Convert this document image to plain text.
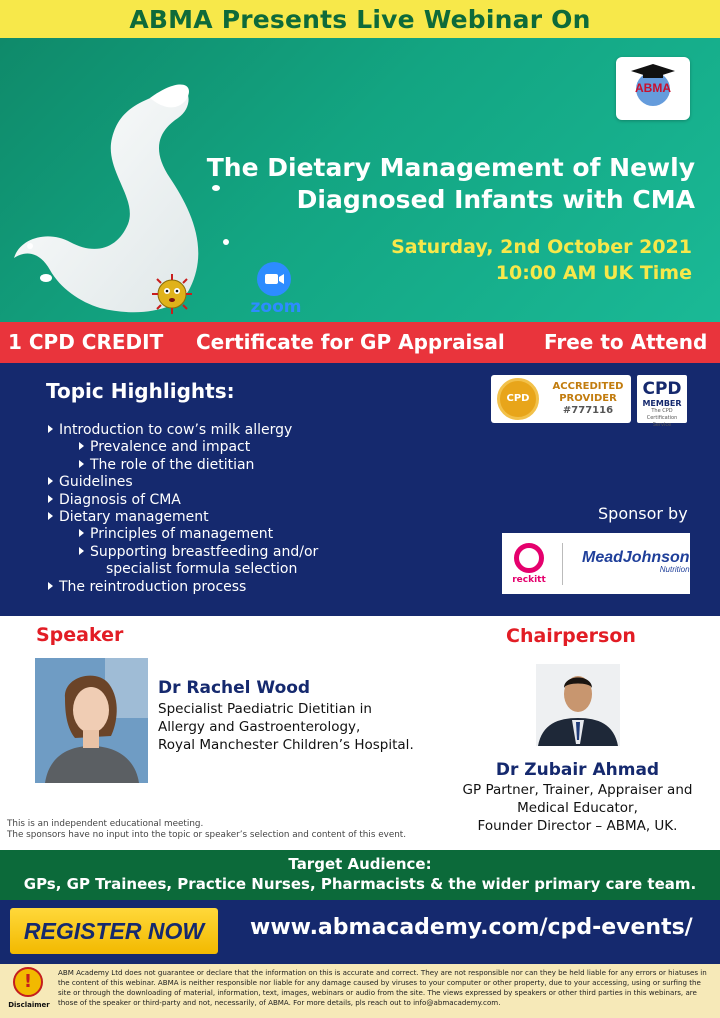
ABMA Presents Live Webinar On
ABMA
The Dietary Management of Newly
Diagnosed Infants with CMA
Saturday, 2nd October 2021
10:00 AM UK Time
zoom
1 CPD CREDIT Certificate for GP Appraisal Free to Attend
Topic Highlights:
Introduction to cow’s milk allergy
Prevalence and impact
The role of the dietitian
Guidelines
Diagnosis of CMA
Dietary management
Principles of management
Supporting breastfeeding and/or
specialist formula selection
The reintroduction process
CPD
ACCREDITED
PROVIDER
#777116
CPD
MEMBER
The CPD Certification Service
Sponsor by
reckitt
MeadJohnson
Nutrition
Speaker	Chairperson
Dr Rachel Wood
Specialist Paediatric Dietitian in
Allergy and Gastroenterology,
Royal Manchester Children’s Hospital.
Dr Zubair Ahmad
GP Partner, Trainer, Appraiser and
Medical Educator,
Founder Director – ABMA, UK.
This is an independent educational meeting.
The sponsors have no input into the topic or speaker’s selection and content of this event.
Target Audience:
GPs, GP Trainees, Practice Nurses, Pharmacists & the wider primary care team.
REGISTER NOW www.abmacademy.com/cpd-events/
!
Disclaimer
ABM Academy Ltd does not guarantee or declare that the information on this is accurate and correct. They are not responsible nor can they be held liable for any errors or hiatuses in the content of this webinar. ABMA is neither responsible nor liable for any damage caused by viruses to your computer or other property, due to your accessing, using or surfing the site or through the downloading of material, information, text, images, webinars or audio from the site. The views expressed by speakers or other third parties in this webinars, are those of the speaker or third-party and not, necessarily, of ABMA. For more details, pls reach out to info@abmacademy.com.
